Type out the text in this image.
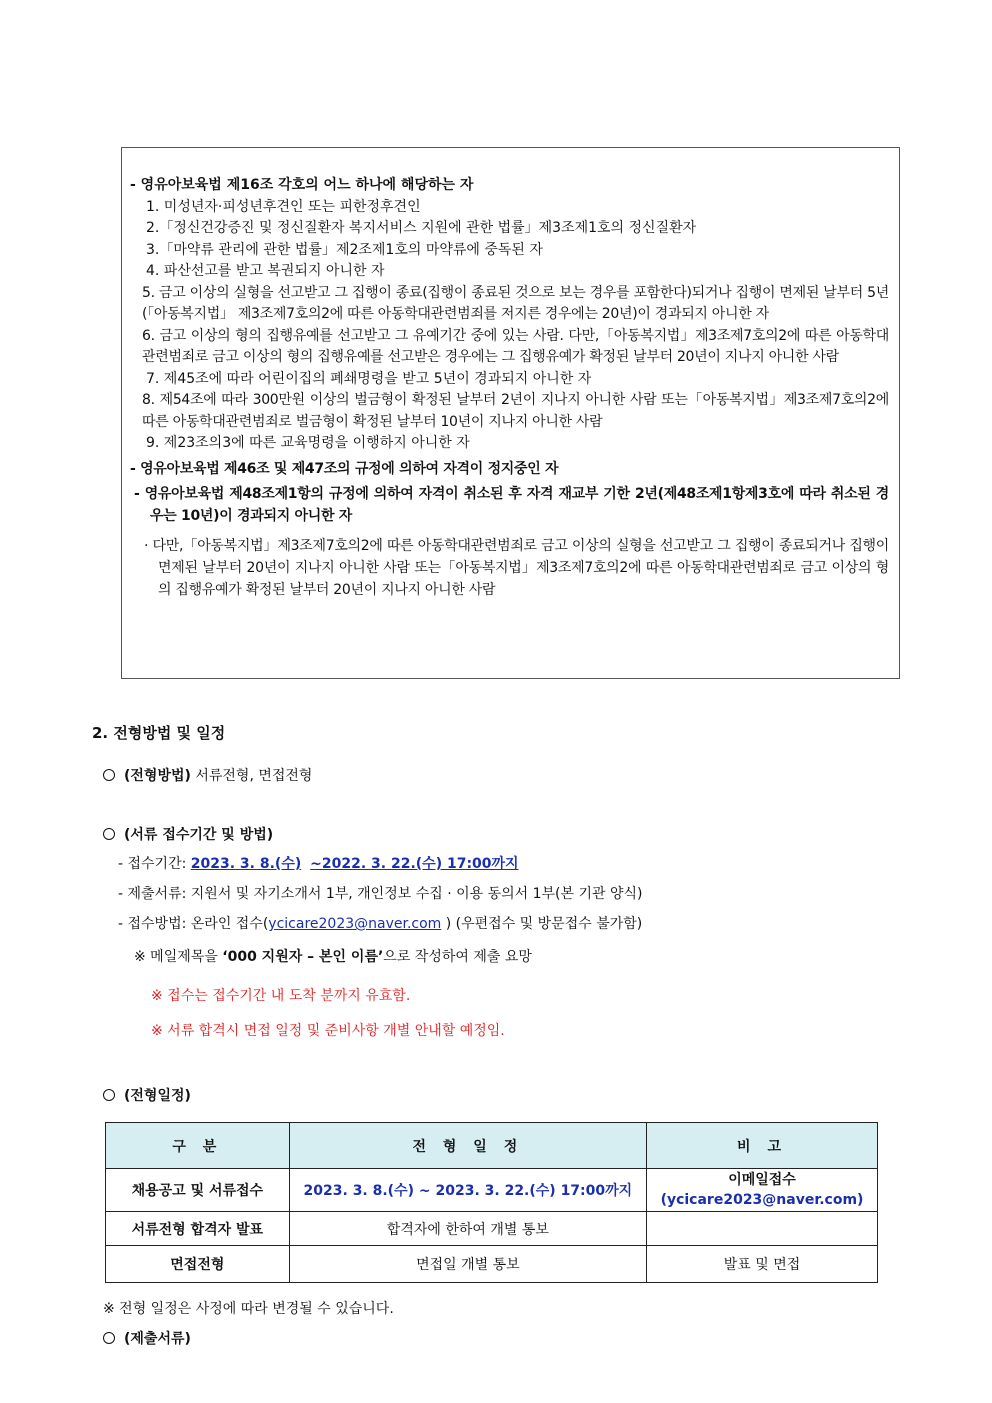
- 영유아보육법 제16조 각호의 어느 하나에 해당하는 자
1. 미성년자·피성년후견인 또는 피한정후견인
2.「정신건강증진 및 정신질환자 복지서비스 지원에 관한 법률」제3조제1호의 정신질환자
3.「마약류 관리에 관한 법률」제2조제1호의 마약류에 중독된 자
4. 파산선고를 받고 복권되지 아니한 자
5. 금고 이상의 실형을 선고받고 그 집행이 종료(집행이 종료된 것으로 보는 경우를 포함한다)되거나 집행이 면제된 날부터 5년(「아동복지법」 제3조제7호의2에 따른 아동학대관련범죄를 저지른 경우에는 20년)이 경과되지 아니한 자
6. 금고 이상의 형의 집행유예를 선고받고 그 유예기간 중에 있는 사람. 다만,「아동복지법」제3조제7호의2에 따른 아동학대관련범죄로 금고 이상의 형의 집행유예를 선고받은 경우에는 그 집행유예가 확정된 날부터 20년이 지나지 아니한 사람
7. 제45조에 따라 어린이집의 폐쇄명령을 받고 5년이 경과되지 아니한 자
8. 제54조에 따라 300만원 이상의 벌금형이 확정된 날부터 2년이 지나지 아니한 사람 또는「아동복지법」제3조제7호의2에 따른 아동학대관련범죄로 벌금형이 확정된 날부터 10년이 지나지 아니한 사람
9. 제23조의3에 따른 교육명령을 이행하지 아니한 자
- 영유아보육법 제46조 및 제47조의 규정에 의하여 자격이 정지중인 자
- 영유아보육법 제48조제1항의 규정에 의하여 자격이 취소된 후 자격 재교부 기한 2년(제48조제1항제3호에 따라 취소된 경우는 10년)이 경과되지 아니한 자
· 다만,「아동복지법」제3조제7호의2에 따른 아동학대관련범죄로 금고 이상의 실형을 선고받고 그 집행이 종료되거나 집행이 면제된 날부터 20년이 지나지 아니한 사람 또는「아동복지법」제3조제7호의2에 따른 아동학대관련범죄로 금고 이상의 형의 집행유예가 확정된 날부터 20년이 지나지 아니한 사람
2. 전형방법 및 일정
(전형방법) 서류전형, 면접전형
(서류 접수기간 및 방법)
- 접수기간: 2023. 3. 8.(수) ~2022. 3. 22.(수) 17:00까지
- 제출서류: 지원서 및 자기소개서 1부, 개인정보 수집 · 이용 동의서 1부(본 기관 양식)
- 접수방법: 온라인 접수(ycicare2023@naver.com ) (우편접수 및 방문접수 불가함)
※ 메일제목을 ‘000 지원자 – 본인 이름’으로 작성하여 제출 요망
※ 접수는 접수기간 내 도착 분까지 유효함.
※ 서류 합격시 면접 일정 및 준비사항 개별 안내할 예정임.
(전형일정)
구 분	전 형 일 정	비 고
채용공고 및 서류접수	2023. 3. 8.(수) ~ 2023. 3. 22.(수) 17:00까지	이메일접수
(ycicare2023@naver.com)

서류전형 합격자 발표	합격자에 한하여 개별 통보	
면접전형	면접일 개별 통보	발표 및 면접
※ 전형 일정은 사정에 따라 변경될 수 있습니다.
(제출서류)
